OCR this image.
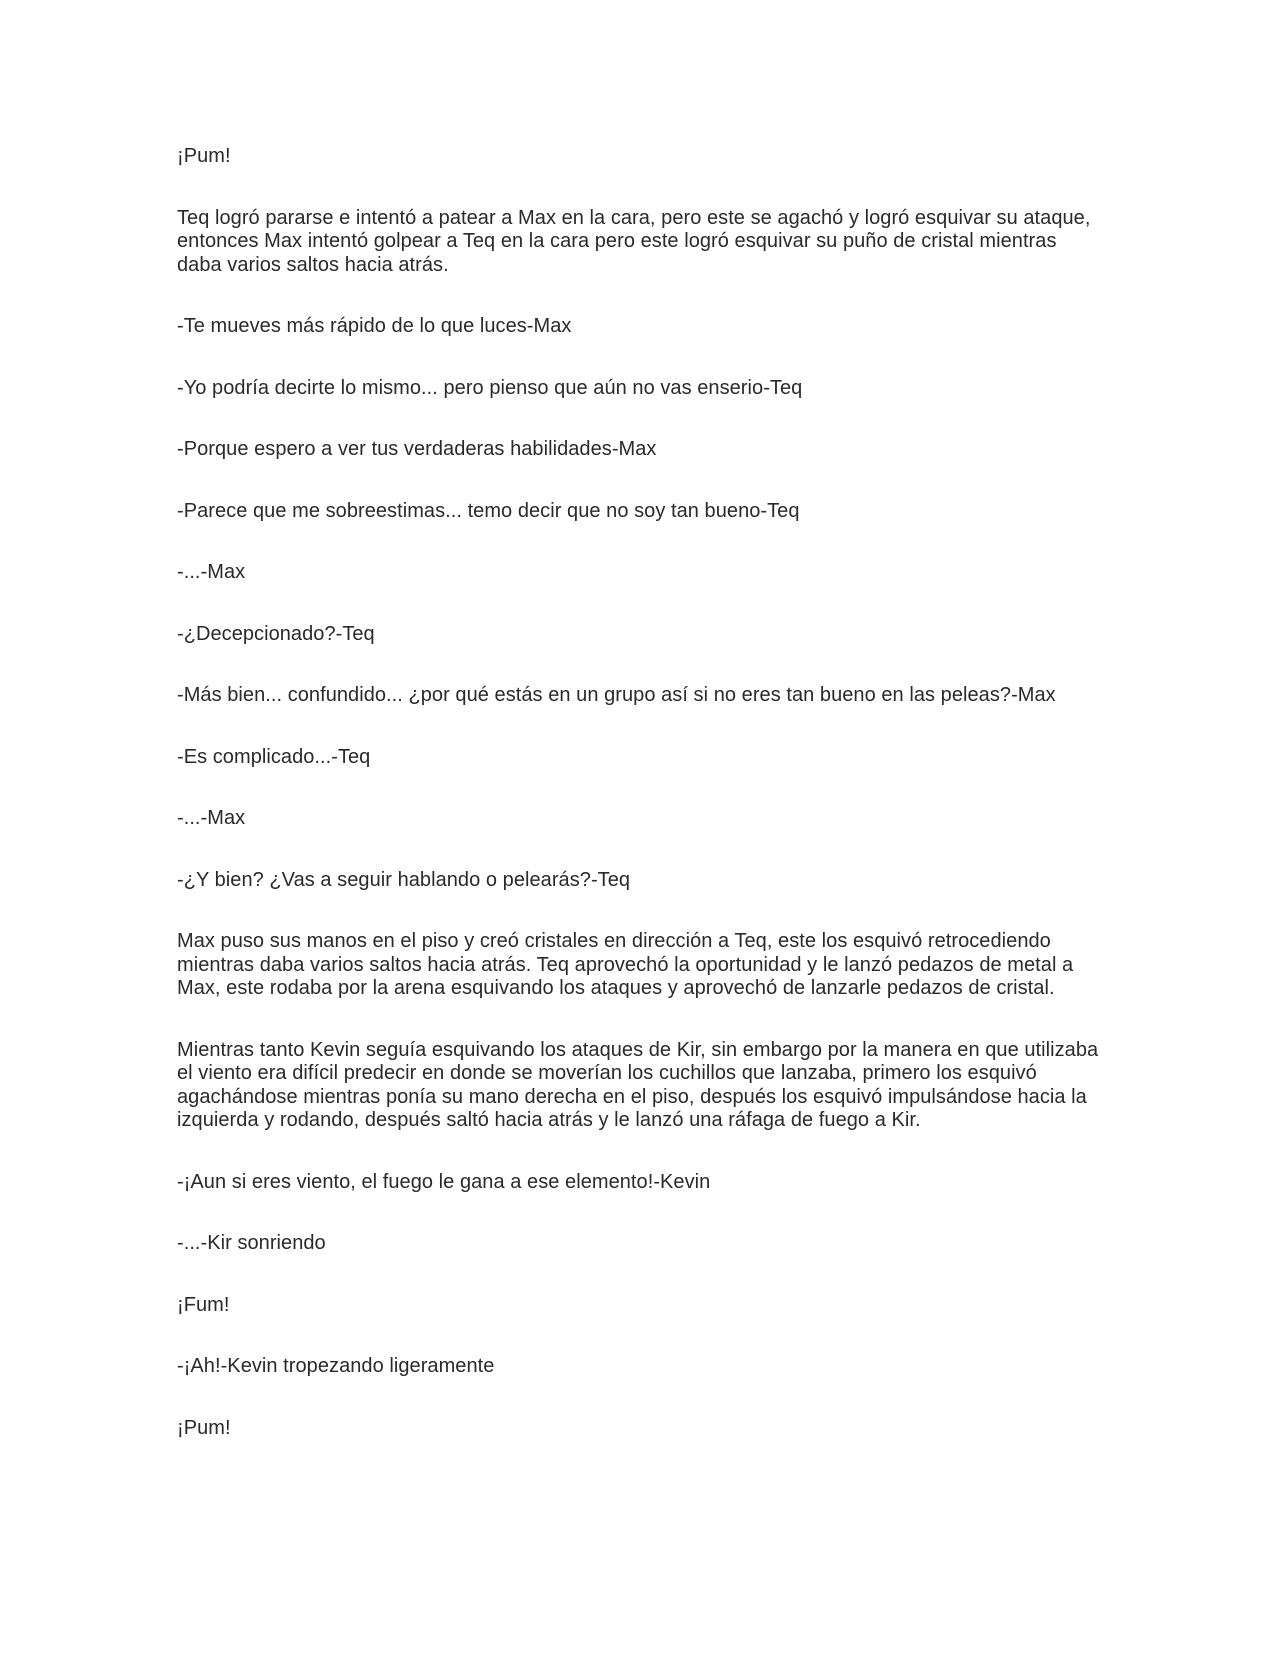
¡Pum!

Teq logró pararse e intentó a patear a Max en la cara, pero este se agachó y logró esquivar su ataque, entonces Max intentó golpear a Teq en la cara pero este logró esquivar su puño de cristal mientras daba varios saltos hacia atrás.

-Te mueves más rápido de lo que luces-Max

-Yo podría decirte lo mismo... pero pienso que aún no vas enserio-Teq

-Porque espero a ver tus verdaderas habilidades-Max

-Parece que me sobreestimas... temo decir que no soy tan bueno-Teq

-...-Max

-¿Decepcionado?-Teq

-Más bien... confundido... ¿por qué estás en un grupo así si no eres tan bueno en las peleas?-Max

-Es complicado...-Teq

-...-Max

-¿Y bien? ¿Vas a seguir hablando o pelearás?-Teq

Max puso sus manos en el piso y creó cristales en dirección a Teq, este los esquivó retrocediendo mientras daba varios saltos hacia atrás. Teq aprovechó la oportunidad y le lanzó pedazos de metal a Max, este rodaba por la arena esquivando los ataques y aprovechó de lanzarle pedazos de cristal.

Mientras tanto Kevin seguía esquivando los ataques de Kir, sin embargo por la manera en que utilizaba el viento era difícil predecir en donde se moverían los cuchillos que lanzaba, primero los esquivó agachándose mientras ponía su mano derecha en el piso, después los esquivó impulsándose hacia la izquierda y rodando, después saltó hacia atrás y le lanzó una ráfaga de fuego a Kir.

-¡Aun si eres viento, el fuego le gana a ese elemento!-Kevin

-...-Kir sonriendo

¡Fum!

-¡Ah!-Kevin tropezando ligeramente

¡Pum!
